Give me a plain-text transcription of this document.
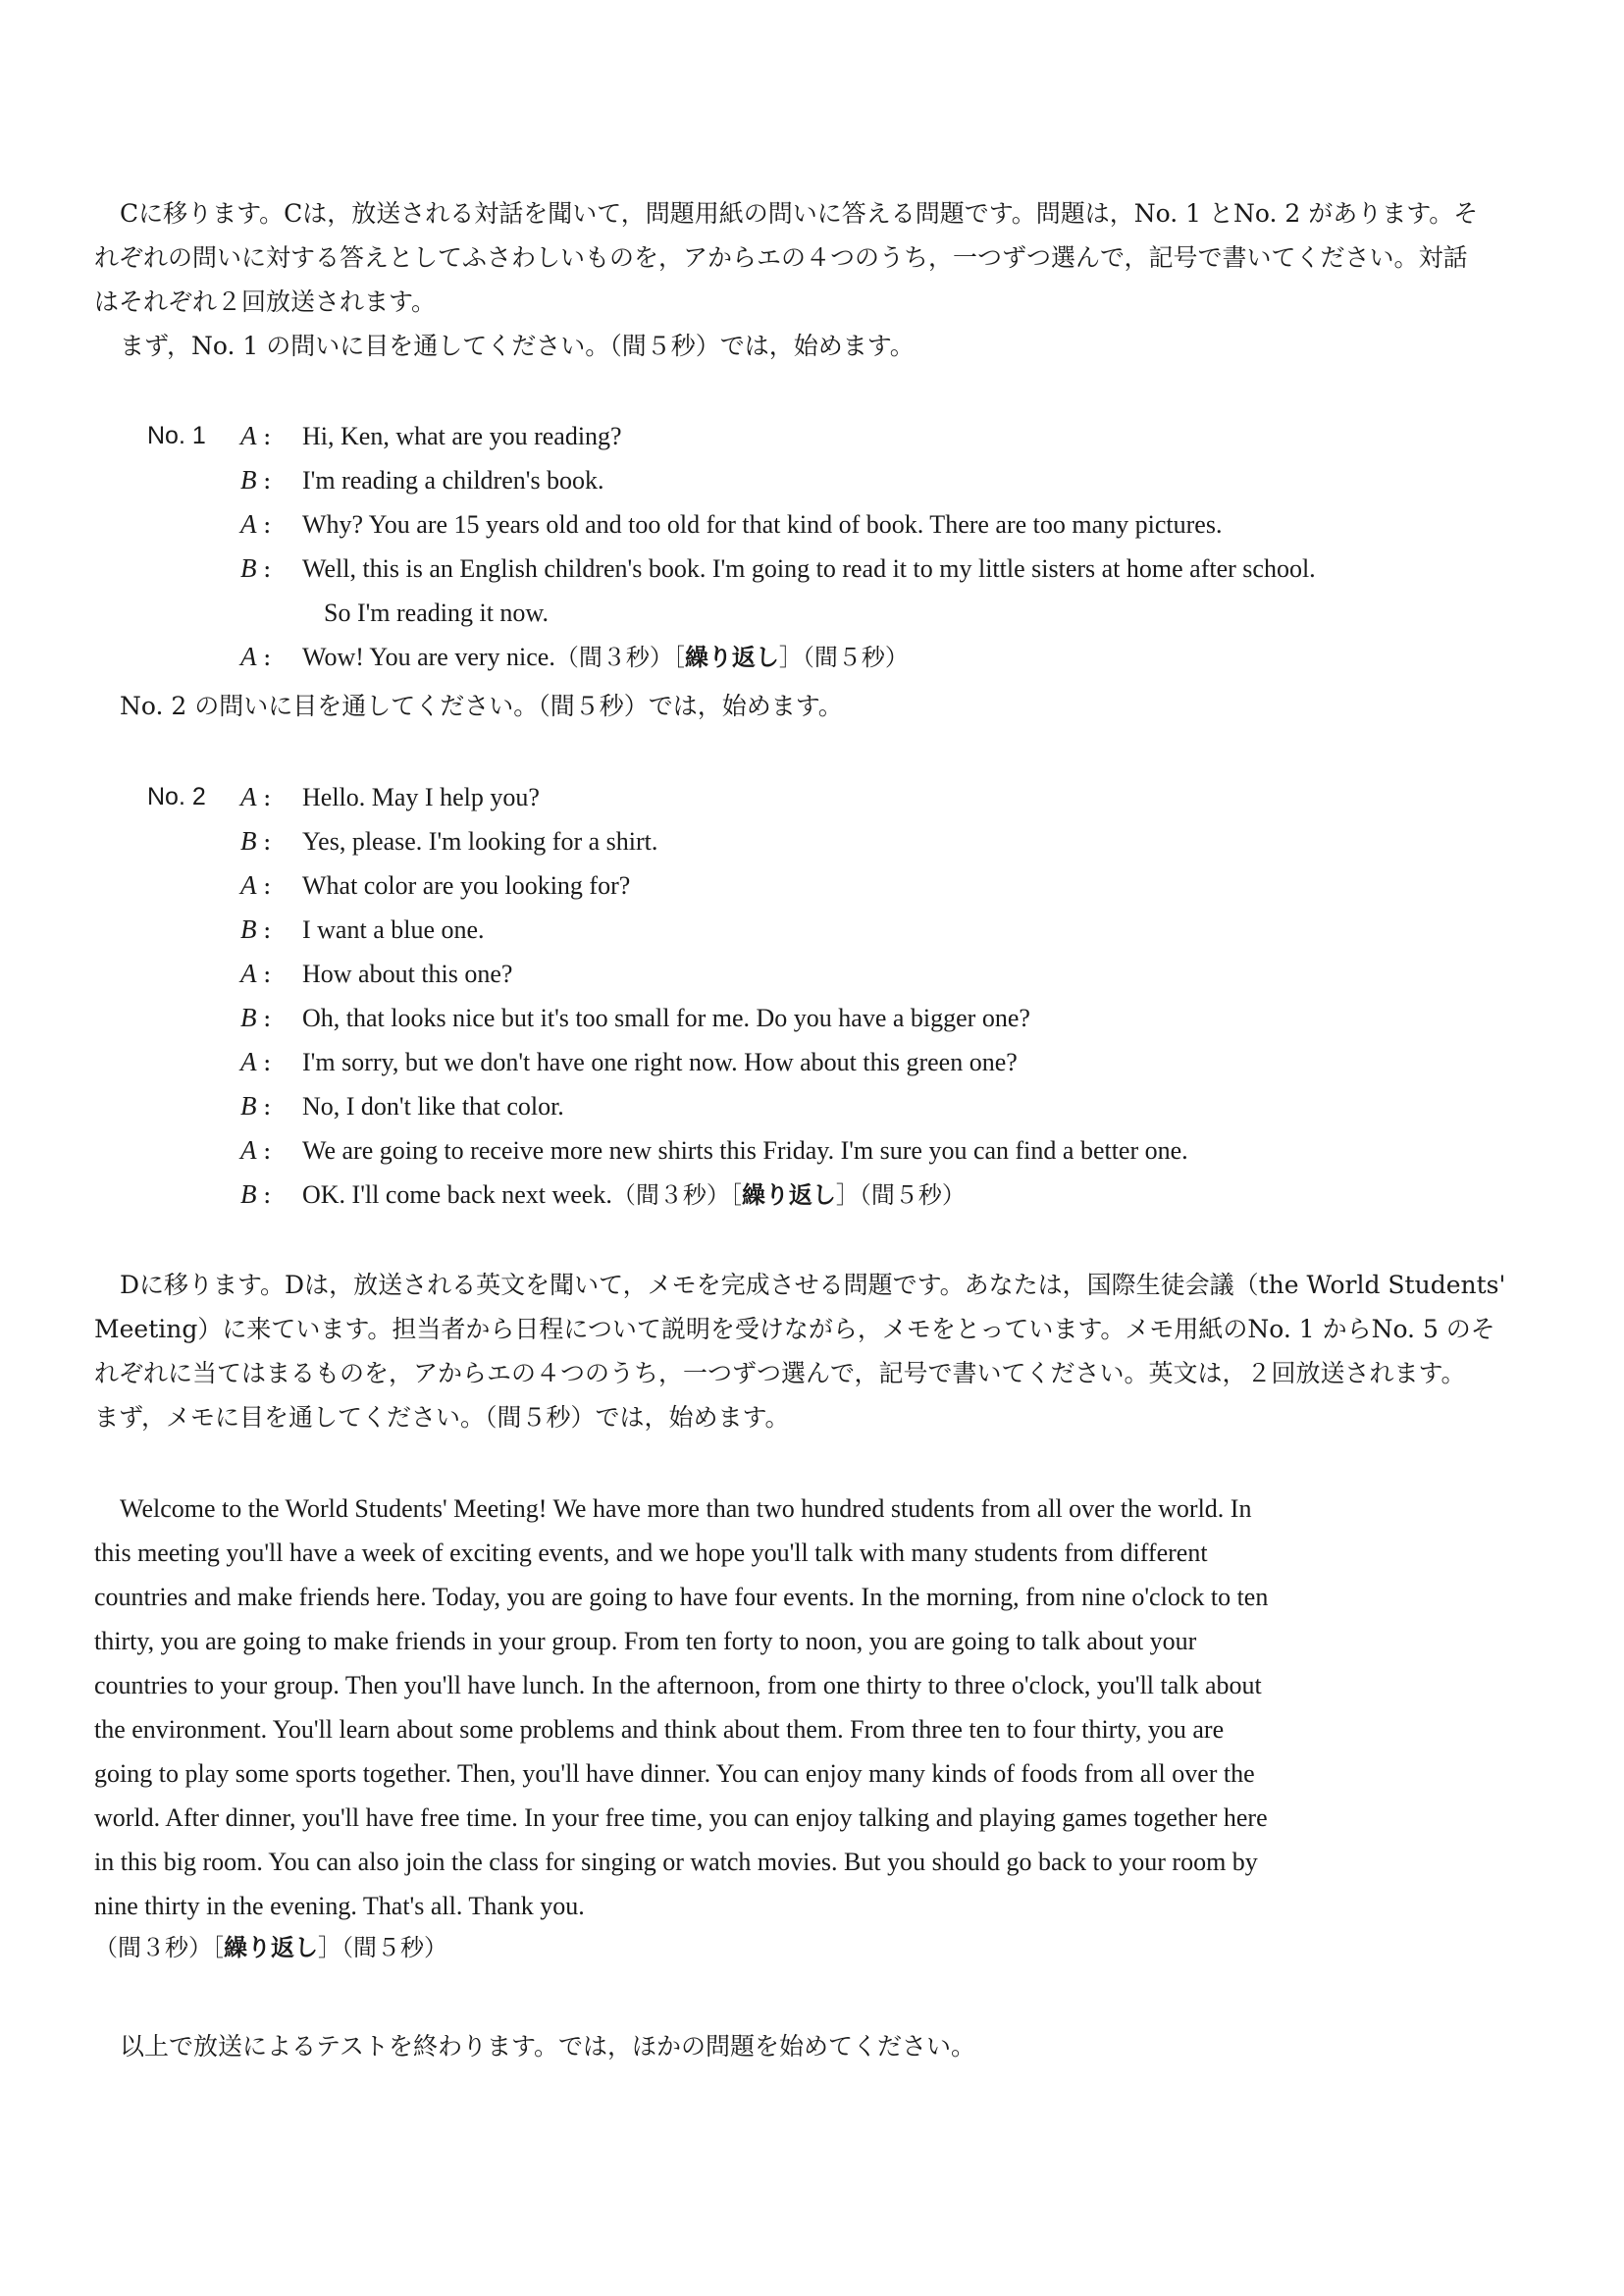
Cに移ります。Cは，放送される対話を聞いて，問題用紙の問いに答える問題です。問題は，No. 1 とNo. 2 があります。そ
れぞれの問いに対する答えとしてふさわしいものを，アからエの４つのうち，一つずつ選んで，記号で書いてください。対話
はそれぞれ２回放送されます。
まず，No. 1 の問いに目を通してください。（間５秒）では，始めます。
No. 1 A : Hi, Ken, what are you reading?
B : I'm reading a children's book.
A : Why? You are 15 years old and too old for that kind of book. There are too many pictures.
B : Well, this is an English children's book. I'm going to read it to my little sisters at home after school.
So I'm reading it now.
A : Wow! You are very nice.（間３秒）［繰り返し］（間５秒）
No. 2 の問いに目を通してください。（間５秒）では，始めます。
No. 2 A : Hello. May I help you?
B : Yes, please. I'm looking for a shirt.
A : What color are you looking for?
B : I want a blue one.
A : How about this one?
B : Oh, that looks nice but it's too small for me. Do you have a bigger one?
A : I'm sorry, but we don't have one right now. How about this green one?
B : No, I don't like that color.
A : We are going to receive more new shirts this Friday. I'm sure you can find a better one.
B : OK. I'll come back next week.（間３秒）［繰り返し］（間５秒）
Dに移ります。Dは，放送される英文を聞いて，メモを完成させる問題です。あなたは，国際生徒会議（the World Students'
Meeting）に来ています。担当者から日程について説明を受けながら，メモをとっています。メモ用紙のNo. 1 からNo. 5 のそ
れぞれに当てはまるものを，アからエの４つのうち，一つずつ選んで，記号で書いてください。英文は，２回放送されます。
まず，メモに目を通してください。（間５秒）では，始めます。
Welcome to the World Students' Meeting! We have more than two hundred students from all over the world. In
this meeting you'll have a week of exciting events, and we hope you'll talk with many students from different
countries and make friends here. Today, you are going to have four events. In the morning, from nine o'clock to ten
thirty, you are going to make friends in your group. From ten forty to noon, you are going to talk about your
countries to your group. Then you'll have lunch. In the afternoon, from one thirty to three o'clock, you'll talk about
the environment. You'll learn about some problems and think about them. From three ten to four thirty, you are
going to play some sports together. Then, you'll have dinner. You can enjoy many kinds of foods from all over the
world. After dinner, you'll have free time. In your free time, you can enjoy talking and playing games together here
in this big room. You can also join the class for singing or watch movies. But you should go back to your room by
nine thirty in the evening. That's all. Thank you.
（間３秒）［繰り返し］（間５秒）
以上で放送によるテストを終わります。では，ほかの問題を始めてください。
